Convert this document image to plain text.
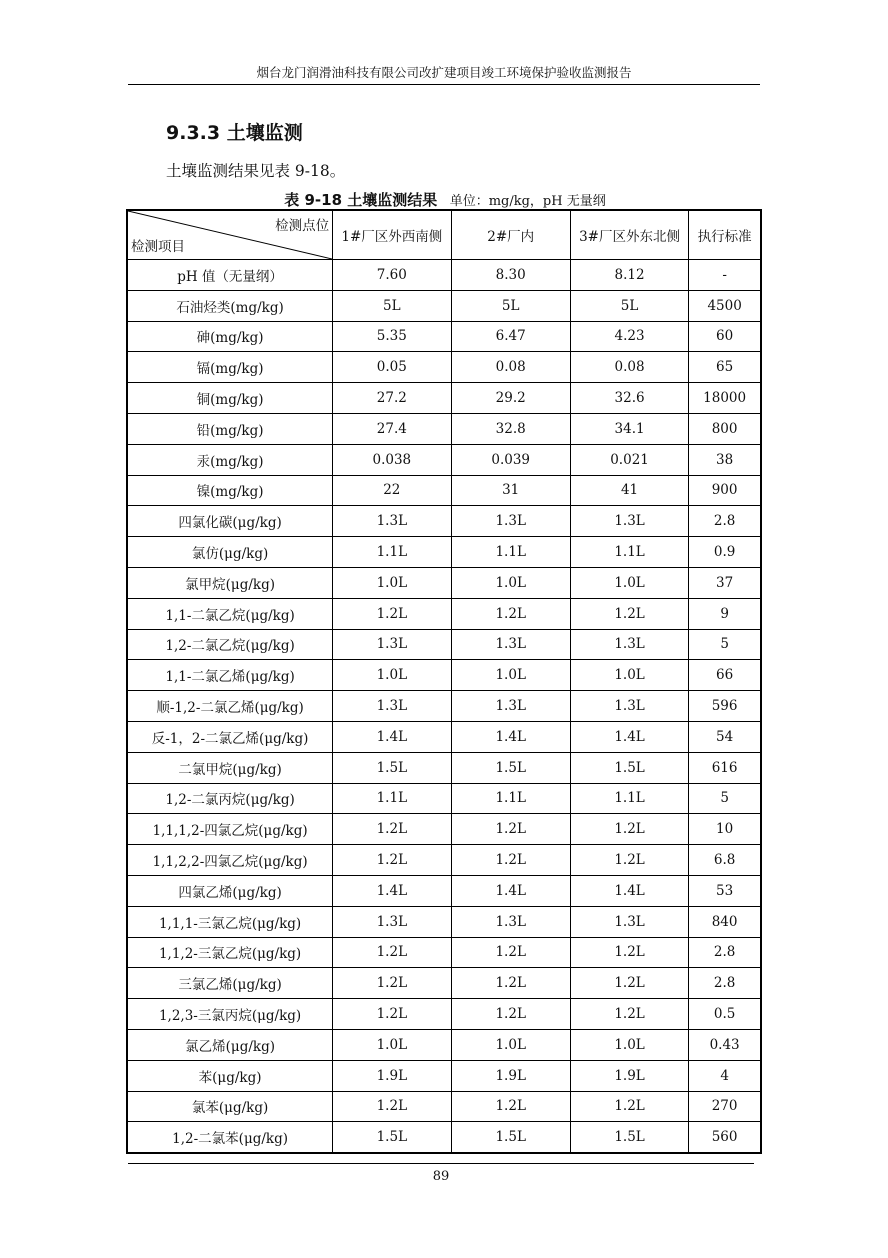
烟台龙门润滑油科技有限公司改扩建项目竣工环境保护验收监测报告
9.3.3 土壤监测
土壤监测结果见表 9-18。
表 9-18 土壤监测结果 单位：mg/kg，pH 无量纲
检测点位
检测项目	1#厂区外西南侧	2#厂内	3#厂区外东北侧	执行标准
pH 值（无量纲）	7.60	8.30	8.12	-
石油烃类(mg/kg)	5L	5L	5L	4500
砷(mg/kg)	5.35	6.47	4.23	60
镉(mg/kg)	0.05	0.08	0.08	65
铜(mg/kg)	27.2	29.2	32.6	18000
铅(mg/kg)	27.4	32.8	34.1	800
汞(mg/kg)	0.038	0.039	0.021	38
镍(mg/kg)	22	31	41	900
四氯化碳(μg/kg)	1.3L	1.3L	1.3L	2.8
氯仿(μg/kg)	1.1L	1.1L	1.1L	0.9
氯甲烷(μg/kg)	1.0L	1.0L	1.0L	37
1,1-二氯乙烷(μg/kg)	1.2L	1.2L	1.2L	9
1,2-二氯乙烷(μg/kg)	1.3L	1.3L	1.3L	5
1,1-二氯乙烯(μg/kg)	1.0L	1.0L	1.0L	66
顺-1,2-二氯乙烯(μg/kg)	1.3L	1.3L	1.3L	596
反-1，2-二氯乙烯(μg/kg)	1.4L	1.4L	1.4L	54
二氯甲烷(μg/kg)	1.5L	1.5L	1.5L	616
1,2-二氯丙烷(μg/kg)	1.1L	1.1L	1.1L	5
1,1,1,2-四氯乙烷(μg/kg)	1.2L	1.2L	1.2L	10
1,1,2,2-四氯乙烷(μg/kg)	1.2L	1.2L	1.2L	6.8
四氯乙烯(μg/kg)	1.4L	1.4L	1.4L	53
1,1,1-三氯乙烷(μg/kg)	1.3L	1.3L	1.3L	840
1,1,2-三氯乙烷(μg/kg)	1.2L	1.2L	1.2L	2.8
三氯乙烯(μg/kg)	1.2L	1.2L	1.2L	2.8
1,2,3-三氯丙烷(μg/kg)	1.2L	1.2L	1.2L	0.5
氯乙烯(μg/kg)	1.0L	1.0L	1.0L	0.43
苯(μg/kg)	1.9L	1.9L	1.9L	4
氯苯(μg/kg)	1.2L	1.2L	1.2L	270
1,2-二氯苯(μg/kg)	1.5L	1.5L	1.5L	560
89
